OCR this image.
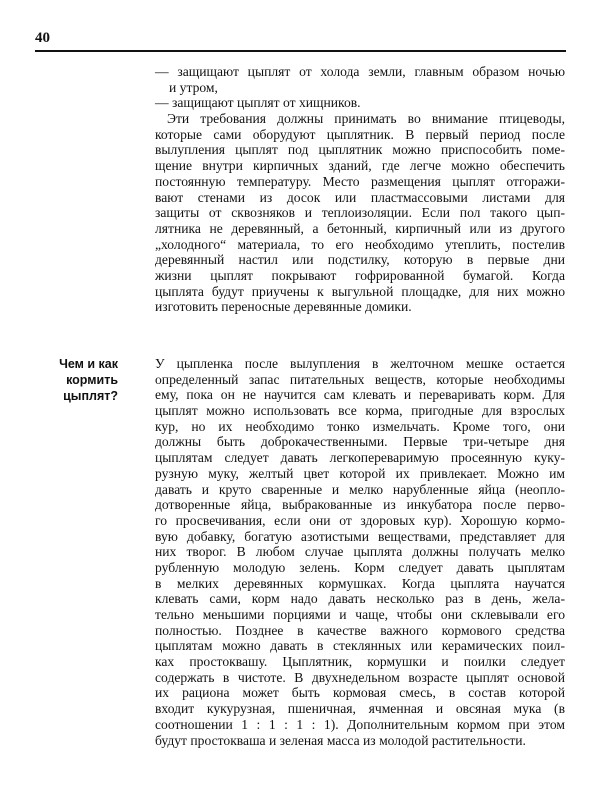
40
— защищают цыплят от холода земли, главным образом ночью
и утром,
— защищают цыплят от хищников.
Эти требования должны принимать во внимание птицеводы,
которые сами оборудуют цыплятник. В первый период после
вылупления цыплят под цыплятник можно приспособить поме-
щение внутри кирпичных зданий, где легче можно обеспечить
постоянную температуру. Место размещения цыплят отгоражи-
вают стенами из досок или пластмассовыми листами для
защиты от сквозняков и теплоизоляции. Если пол такого цып-
лятника не деревянный, а бетонный, кирпичный или из другого
„холодного“ материала, то его необходимо утеплить, постелив
деревянный настил или подстилку, которую в первые дни
жизни цыплят покрывают гофрированной бумагой. Когда
цыплята будут приучены к выгульной площадке, для них можно
изготовить переносные деревянные домики.
Чем и как
кормить
цыплят?
У цыпленка после вылупления в желточном мешке остается
определенный запас питательных веществ, которые необходимы
ему, пока он не научится сам клевать и переваривать корм. Для
цыплят можно использовать все корма, пригодные для взрослых
кур, но их необходимо тонко измельчать. Кроме того, они
должны быть доброкачественными. Первые три-четыре дня
цыплятам следует давать легкопереваримую просеянную куку-
рузную муку, желтый цвет которой их привлекает. Можно им
давать и круто сваренные и мелко нарубленные яйца (неопло-
дотворенные яйца, выбракованные из инкубатора после перво-
го просвечивания, если они от здоровых кур). Хорошую кормо-
вую добавку, богатую азотистыми веществами, представляет для
них творог. В любом случае цыплята должны получать мелко
рубленную молодую зелень. Корм следует давать цыплятам
в мелких деревянных кормушках. Когда цыплята научатся
клевать сами, корм надо давать несколько раз в день, жела-
тельно меньшими порциями и чаще, чтобы они склевывали его
полностью. Позднее в качестве важного кормового средства
цыплятам можно давать в стеклянных или керамических поил-
ках простоквашу. Цыплятник, кормушки и поилки следует
содержать в чистоте. В двухнедельном возрасте цыплят основой
их рациона может быть кормовая смесь, в состав которой
входит кукурузная, пшеничная, ячменная и овсяная мука (в
соотношении 1 : 1 : 1 : 1). Дополнительным кормом при этом
будут простокваша и зеленая масса из молодой растительности.
